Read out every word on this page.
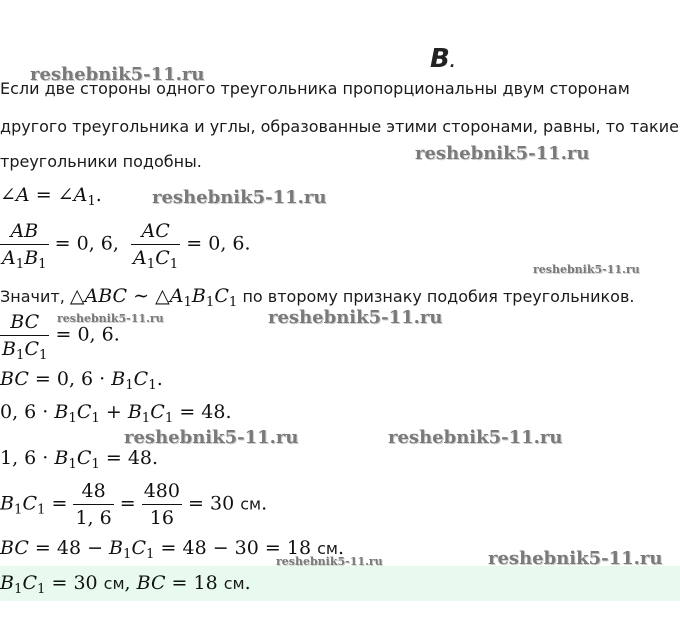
B.
reshebnik5-11.ru
reshebnik5-11.ru
reshebnik5-11.ru
reshebnik5-11.ru
reshebnik5-11.ru	reshebnik5-11.ru
reshebnik5-11.ru	reshebnik5-11.ru
reshebnik5-11.ru
reshebnik5-11.ru
Если две стороны одного треугольника пропорциональны двум сторонам
другого треугольника и углы, образованные этими сторонами, равны, то такие
треугольники подобны.
∠A = $\angle A_1$.
$\frac{AB}{A_1B_1} = 0$, 6, $\frac{AC}{A_1C_1} = 0$, 6.
Значит, △ABC ∼ $\triangle A_1B_1C_1$ по второму признаку подобия треугольников.
$\frac{BC}{B_1C_1} = 0$, 6.
BC = 0, $6 \cdot B_1C_1$.
0, $6 \cdot B_1C_1 + B_1C_1 = 48$.
1, $6 \cdot B_1C_1 = 48$.
$B_1C_1 = \frac{48}{1, 6} = \frac{480}{16} = 30$ см.
BC = $48 - B_1C_1 = 48 - 30 = 18$ см.
$B_1C_1 = 30$ см, BC = 18 см.
